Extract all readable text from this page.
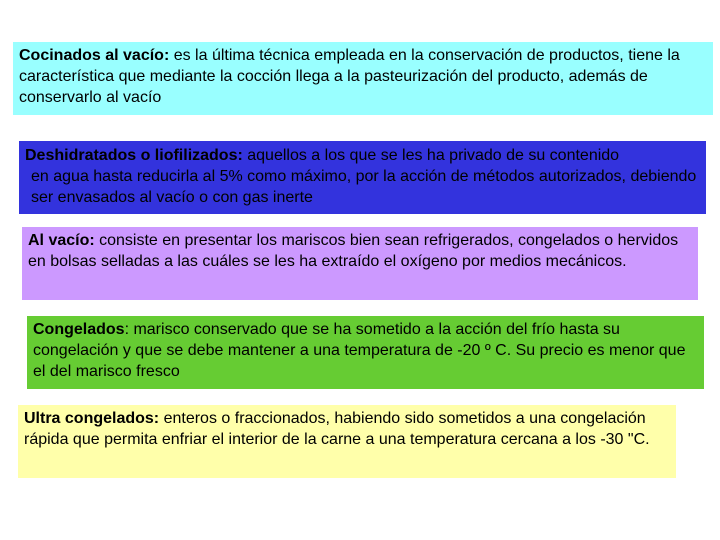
Cocinados al vacío: es la última técnica empleada en la conservación de productos, tiene la característica que mediante la cocción llega a la pasteurización del producto, además de conservarlo al vacío
Deshidratados o liofilizados: aquellos a los que se les ha privado de su contenido
en agua hasta reducirla al 5% como máximo, por la acción de métodos autorizados, debiendo ser envasados al vacío o con gas inerte
Al vacío: consiste en presentar los mariscos bien sean refrigerados, congelados o hervidos en bolsas selladas a las cuáles se les ha extraído el oxígeno por medios mecánicos.
Congelados: marisco conservado que se ha sometido a la acción del frío hasta su congelación y que se debe mantener a una temperatura de -20 º C. Su precio es menor que el del marisco fresco
Ultra congelados: enteros o fraccionados, habiendo sido sometidos a una congelación rápida que permita enfriar el interior de la carne a una temperatura cercana a los -30 "C.
